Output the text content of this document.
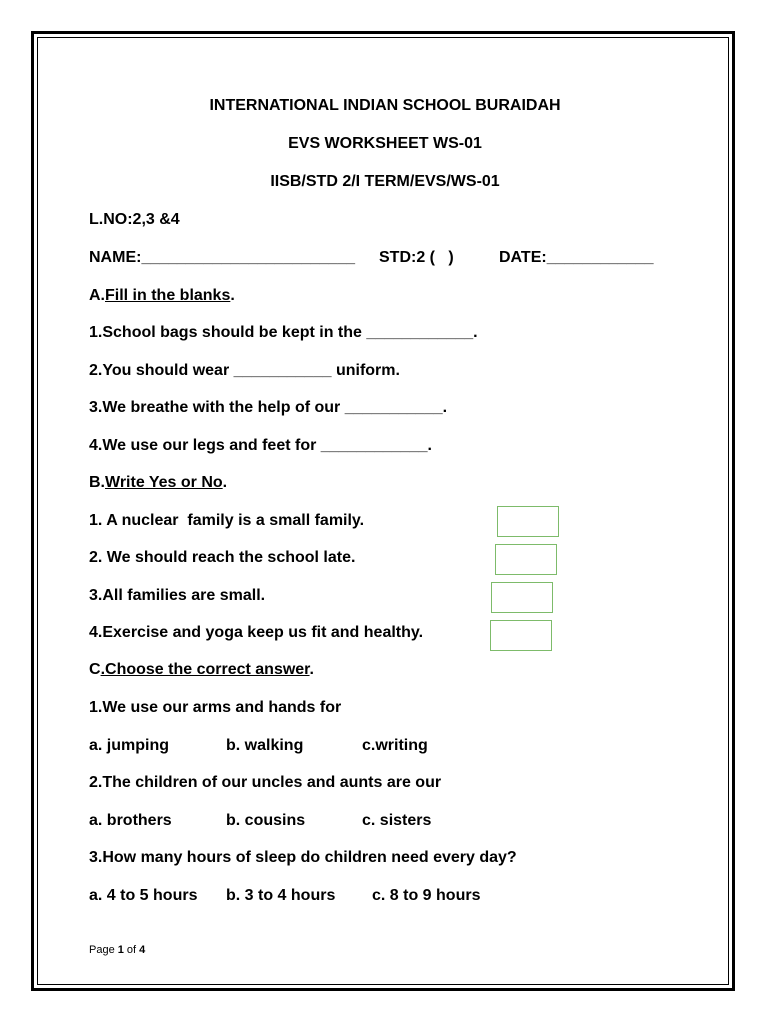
INTERNATIONAL INDIAN SCHOOL BURAIDAH
EVS WORKSHEET WS-01
IISB/STD 2/I TERM/EVS/WS-01
L.NO:2,3 &4
NAME:________________________ STD:2 (   )	DATE:____________
A.Fill in the blanks.
1.School bags should be kept in the ____________.
2.You should wear ___________ uniform.
3.We breathe with the help of our ___________.
4.We use our legs and feet for ____________.
B.Write Yes or No.
1. A nuclear  family is a small family.
2. We should reach the school late.
3.All families are small.
4.Exercise and yoga keep us fit and healthy.
C.Choose the correct answer.
1.We use our arms and hands for
a. jumping	b. walking	c.writing
2.The children of our uncles and aunts are our
a. brothers	b. cousins	c. sisters
3.How many hours of sleep do children need every day?
a. 4 to 5 hours b. 3 to 4 hours c. 8 to 9 hours
Page 1 of 4
